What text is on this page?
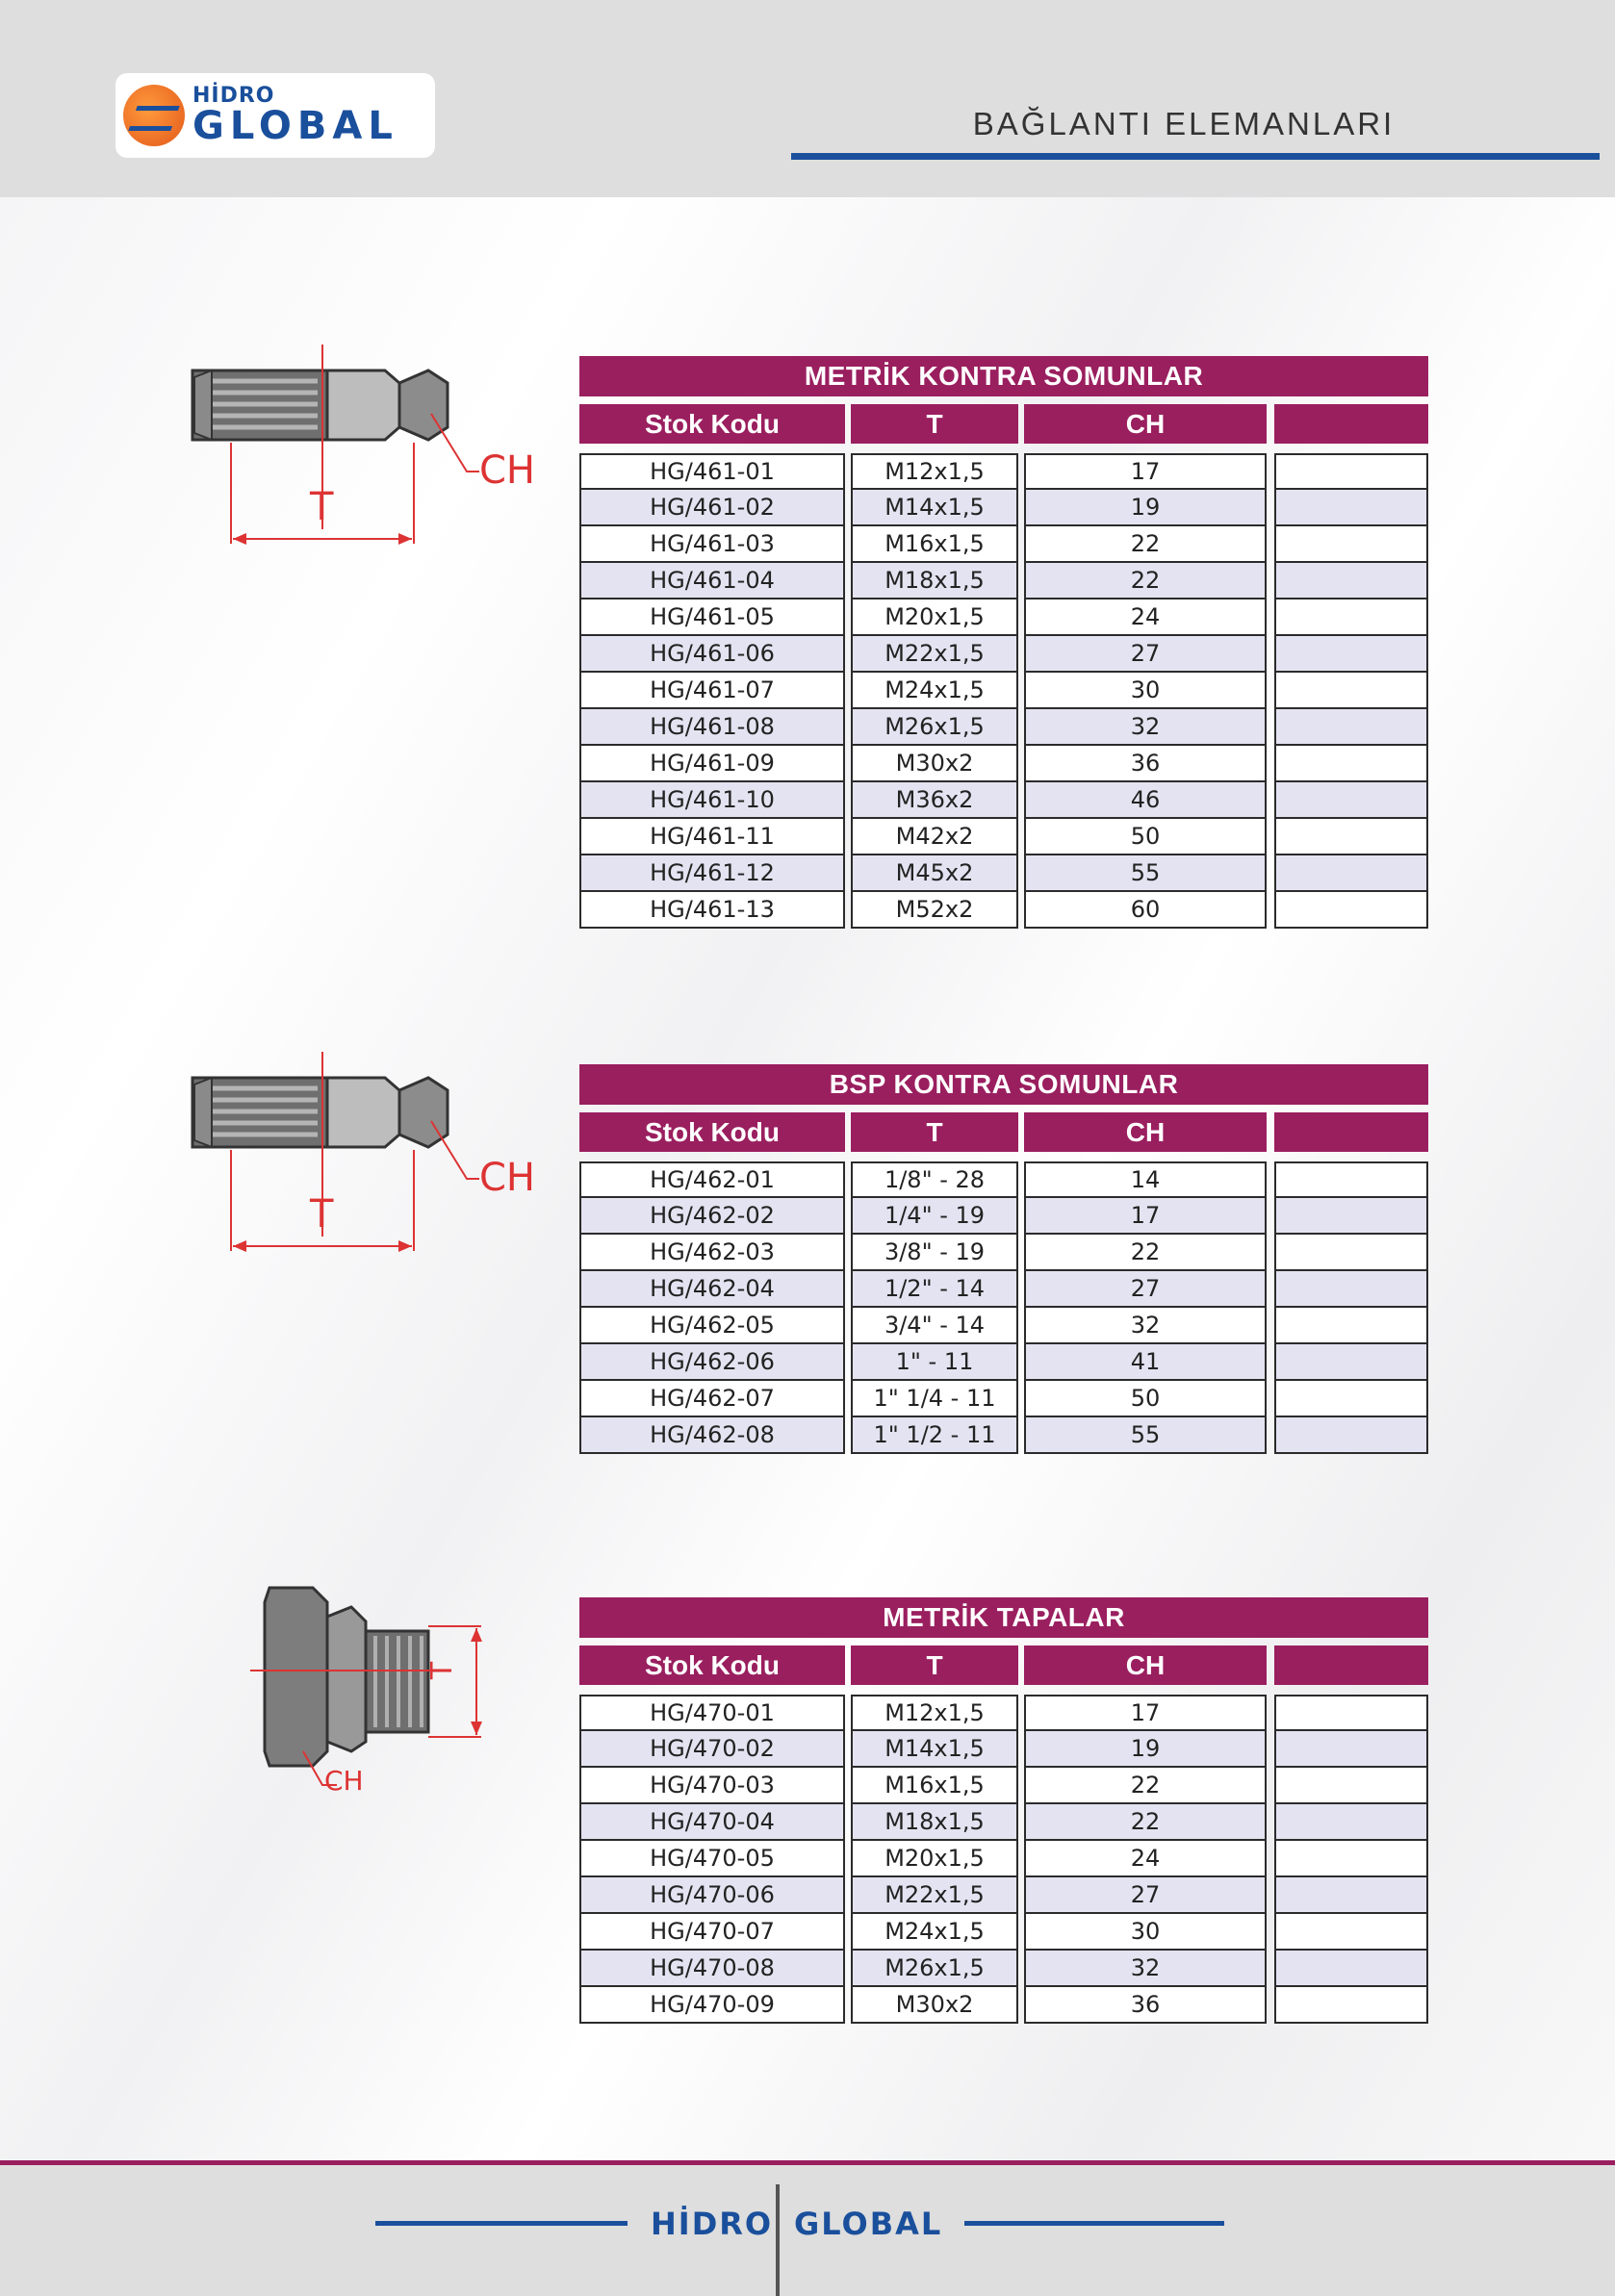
HİDRO
GLOBAL	BAĞLANTI ELEMANLARI
T
CH
T
CH
T
CH
METRİK KONTRA SOMUNLAR
Stok Kodu	T	CH
HG/461-01	M12x1,5	17
HG/461-02	M14x1,5	19
HG/461-03	M16x1,5	22
HG/461-04	M18x1,5	22
HG/461-05	M20x1,5	24
HG/461-06	M22x1,5	27
HG/461-07	M24x1,5	30
HG/461-08	M26x1,5	32
HG/461-09	M30x2	36
HG/461-10	M36x2	46
HG/461-11	M42x2	50
HG/461-12	M45x2	55
HG/461-13	M52x2	60
BSP KONTRA SOMUNLAR
Stok Kodu	T	CH
HG/462-01	1/8" - 28	14
HG/462-02	1/4" - 19	17
HG/462-03	3/8" - 19	22
HG/462-04	1/2" - 14	27
HG/462-05	3/4" - 14	32
HG/462-06	1" - 11	41
HG/462-07	1" 1/4 - 11	50
HG/462-08	1" 1/2 - 11	55
METRİK TAPALAR
Stok Kodu	T	CH
HG/470-01	M12x1,5	17
HG/470-02	M14x1,5	19
HG/470-03	M16x1,5	22
HG/470-04	M18x1,5	22
HG/470-05	M20x1,5	24
HG/470-06	M22x1,5	27
HG/470-07	M24x1,5	30
HG/470-08	M26x1,5	32
HG/470-09	M30x2	36
HİDRO GLOBAL
